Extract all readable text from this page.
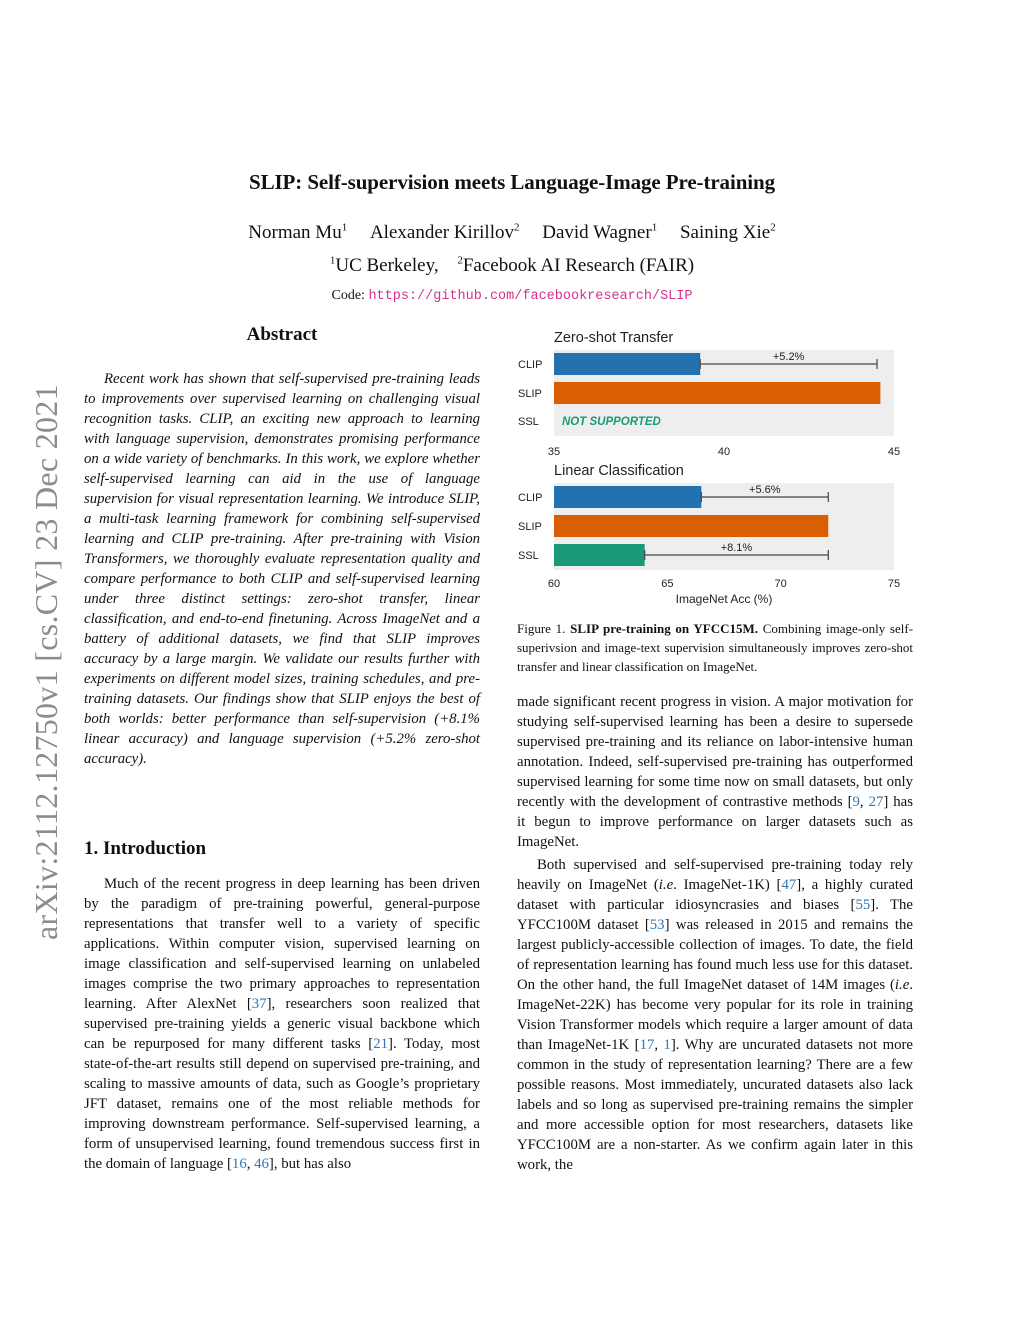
SLIP: Self-supervision meets Language-Image Pre-training
Norman Mu$^1$ Alexander Kirillov$^2$ David Wagner$^1$ Saining Xie$^2$
$^1$UC Berkeley, $^2$Facebook AI Research (FAIR)
Code: https://github.com/facebookresearch/SLIP
arXiv:2112.12750v1 [cs.CV] 23 Dec 2021
Abstract
Recent work has shown that self-supervised pre-training leads to improvements over supervised learning on challenging visual recognition tasks. CLIP, an exciting new approach to learning with language supervision, demonstrates promising performance on a wide variety of benchmarks. In this work, we explore whether self-supervised learning can aid in the use of language supervision for visual representation learning. We introduce SLIP, a multi-task learning framework for combining self-supervised learning and CLIP pre-training. After pre-training with Vision Transformers, we thoroughly evaluate representation quality and compare performance to both CLIP and self-supervised learning under three distinct settings: zero-shot transfer, linear classification, and end-to-end finetuning. Across ImageNet and a battery of additional datasets, we find that SLIP improves accuracy by a large margin. We validate our results further with experiments on different model sizes, training schedules, and pre-training datasets. Our findings show that SLIP enjoys the best of both worlds: better performance than self-supervision (+8.1% linear accuracy) and language supervision (+5.2% zero-shot accuracy).
1. Introduction

Much of the recent progress in deep learning has been driven by the paradigm of pre-training powerful, general-purpose representations that transfer well to a variety of specific applications. Within computer vision, supervised learning on image classification and self-supervised learning on unlabeled images comprise the two primary approaches to representation learning. After AlexNet [37], researchers soon realized that supervised pre-training yields a generic visual backbone which can be repurposed for many different tasks [21]. Today, most state-of-the-art results still depend on supervised pre-training, and scaling to massive amounts of data, such as Google’s proprietary JFT dataset, remains one of the most reliable methods for improving downstream performance. Self-supervised learning, a form of unsupervised learning, found tremendous success first in the domain of language [16, 46], but has also

Zero-shot Transfer
CLIP
SLIP
SSL
35	40	45
NOT SUPPORTED
+5.2%
Linear Classification
CLIP
SLIP
SSL
60	65	70	75
ImageNet Acc (%)
+5.6%
+8.1%
Figure 1. SLIP pre-training on YFCC15M. Combining image-only self-superivsion and image-text supervision simultaneously improves zero-shot transfer and linear classification on ImageNet.

made significant recent progress in vision. A major motivation for studying self-supervised learning has been a desire to supersede supervised pre-training and its reliance on labor-intensive human annotation. Indeed, self-supervised pre-training has outperformed supervised learning for some time now on small datasets, but only recently with the development of contrastive methods [9, 27] has it begun to improve performance on larger datasets such as ImageNet.

Both supervised and self-supervised pre-training today rely heavily on ImageNet (i.e. ImageNet-1K) [47], a highly curated dataset with particular idiosyncrasies and biases [55]. The YFCC100M dataset [53] was released in 2015 and remains the largest publicly-accessible collection of images. To date, the field of representation learning has found much less use for this dataset. On the other hand, the full ImageNet dataset of 14M images (i.e. ImageNet-22K) has become very popular for its role in training Vision Transformer models which require a larger amount of data than ImageNet-1K [17, 1]. Why are uncurated datasets not more common in the study of representation learning? There are a few possible reasons. Most immediately, uncurated datasets also lack labels and so long as supervised pre-training remains the simpler and more accessible option for most researchers, datasets like YFCC100M are a non-starter. As we confirm again later in this work, the
